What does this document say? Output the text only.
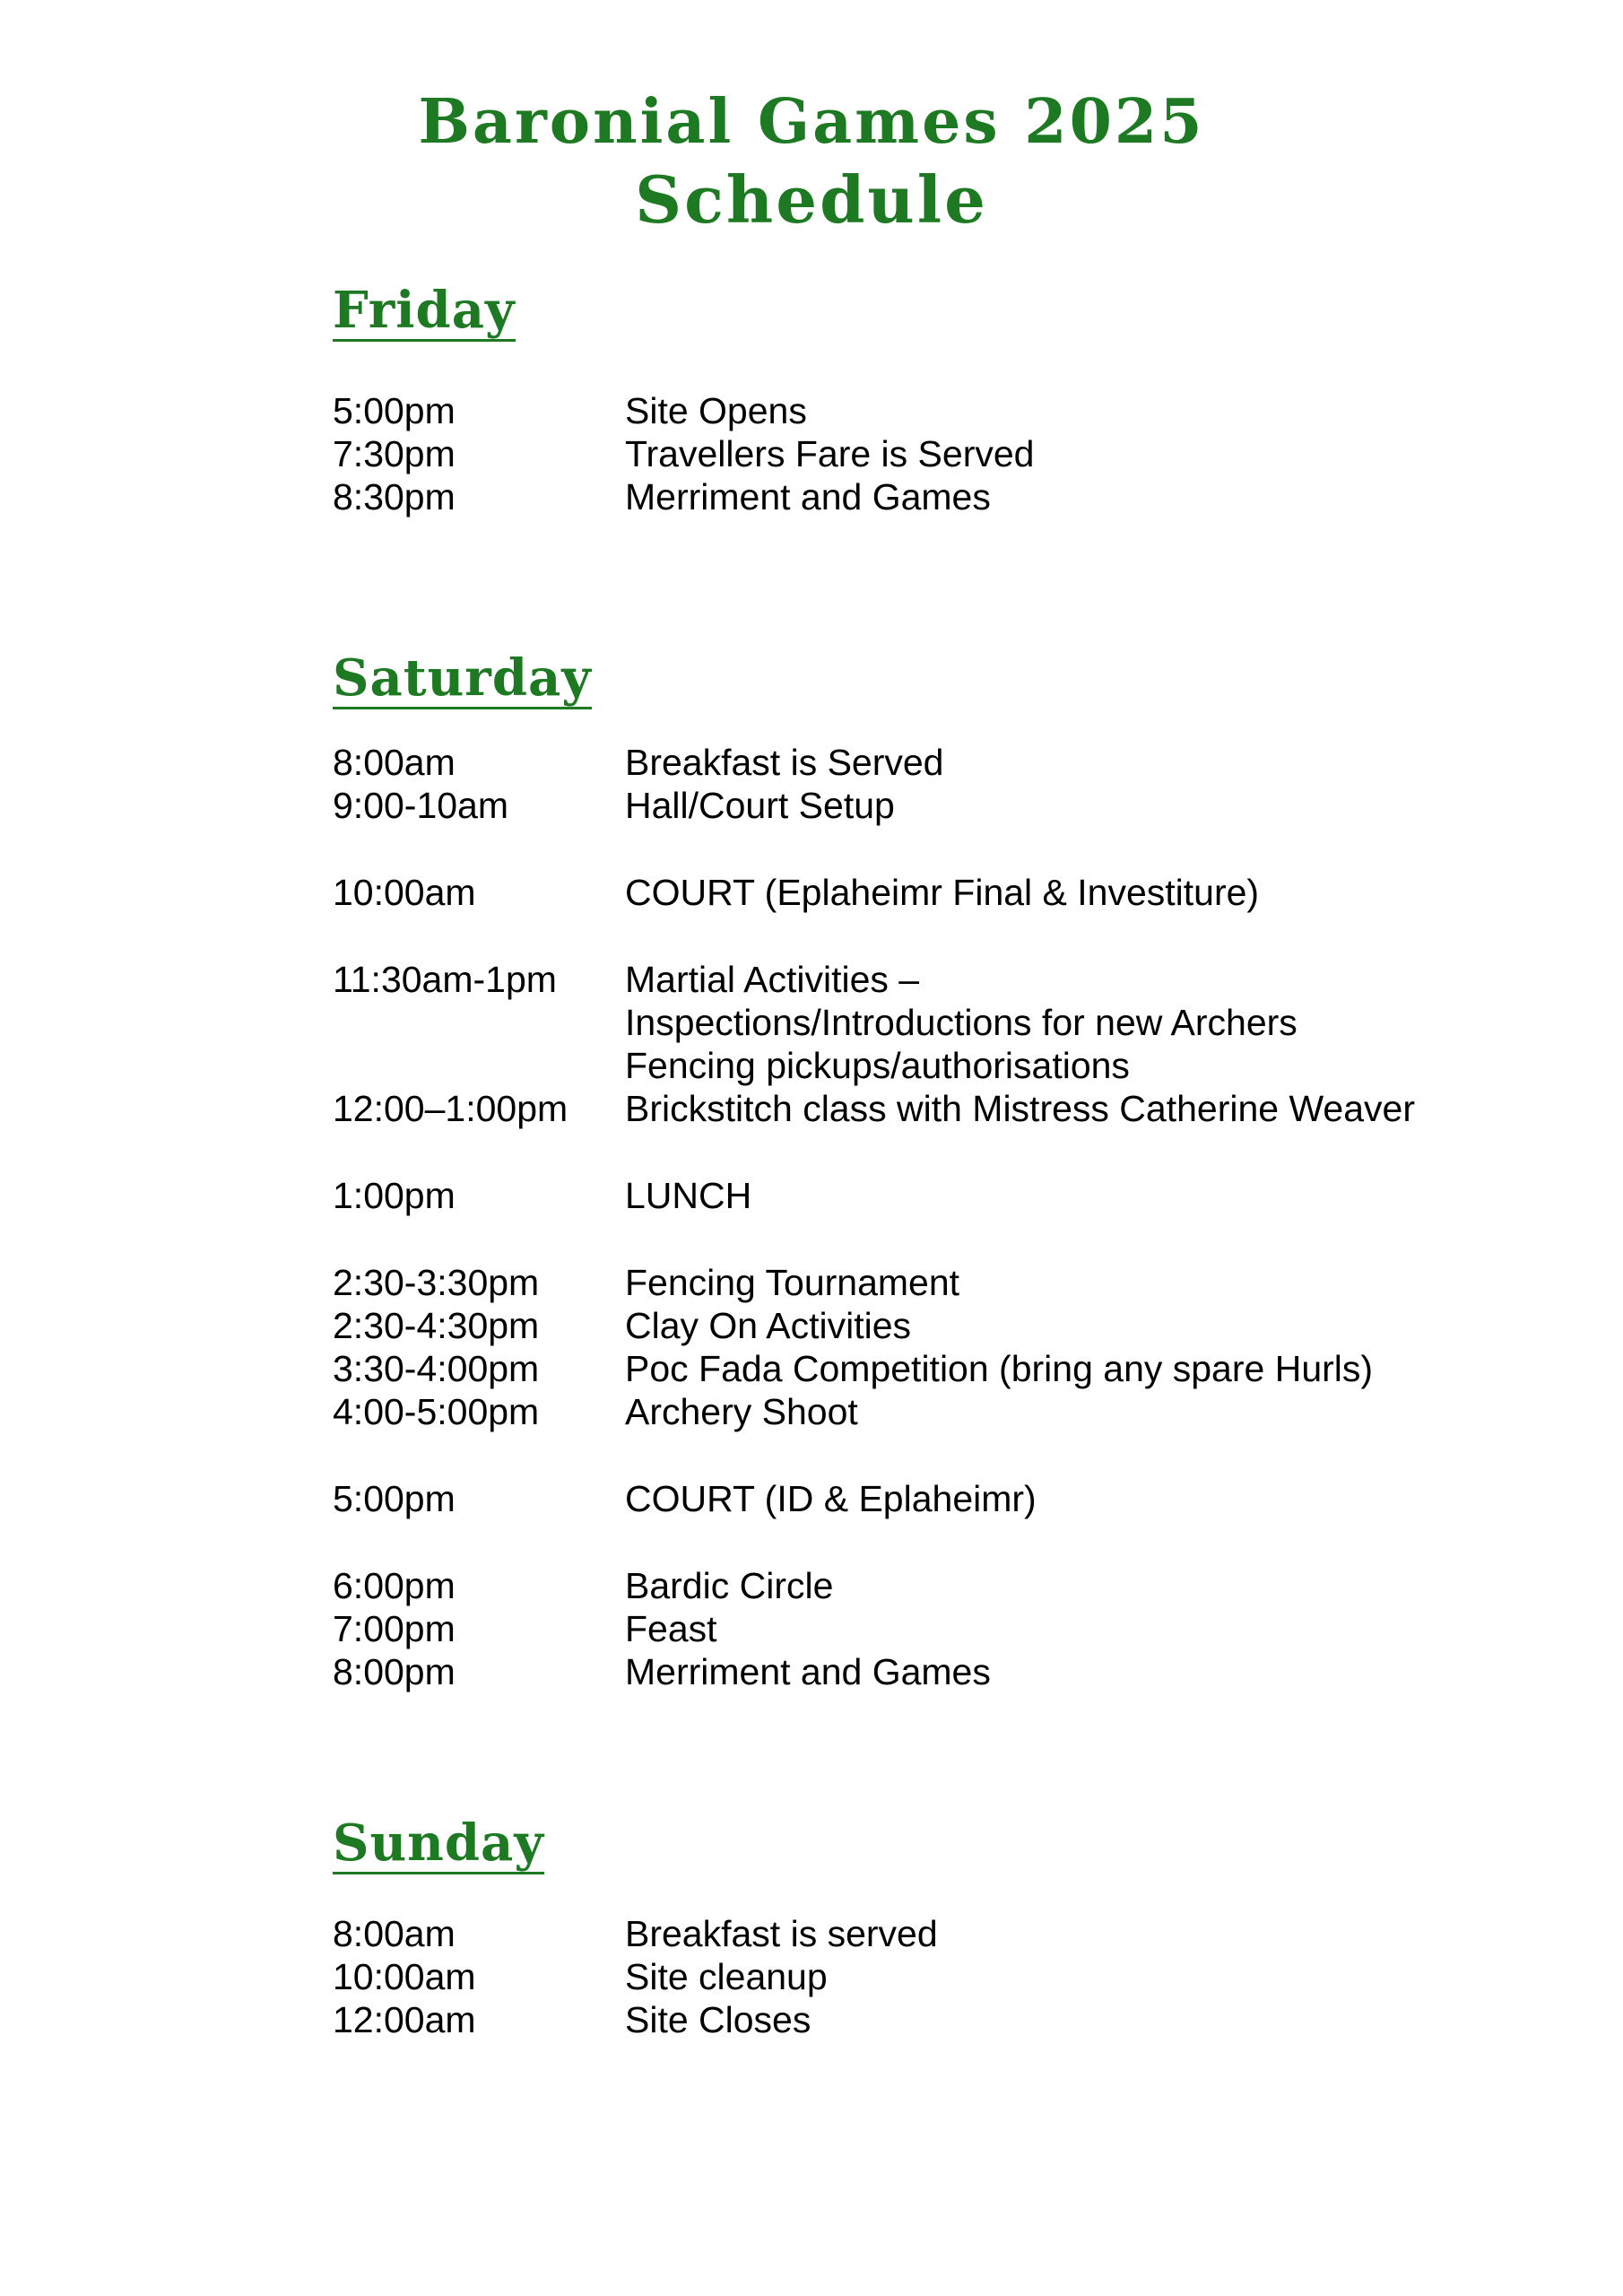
Baronial Games 2025
Schedule
Friday
5:00pm	Site Opens
7:30pm	Travellers Fare is Served
8:30pm	Merriment and Games
Saturday
8:00am	Breakfast is Served
9:00-10am	Hall/Court Setup
10:00am	COURT (Eplaheimr Final & Investiture)
11:30am-1pm Martial Activities –
Inspections/Introductions for new Archers
Fencing pickups/authorisations
12:00–1:00pm Brickstitch class with Mistress Catherine Weaver
1:00pm	LUNCH
2:30-3:30pm Fencing Tournament
2:30-4:30pm Clay On Activities
3:30-4:00pm Poc Fada Competition (bring any spare Hurls)
4:00-5:00pm Archery Shoot
5:00pm	COURT (ID & Eplaheimr)
6:00pm	Bardic Circle
7:00pm	Feast
8:00pm	Merriment and Games
Sunday
8:00am	Breakfast is served
10:00am	Site cleanup
12:00am	Site Closes
